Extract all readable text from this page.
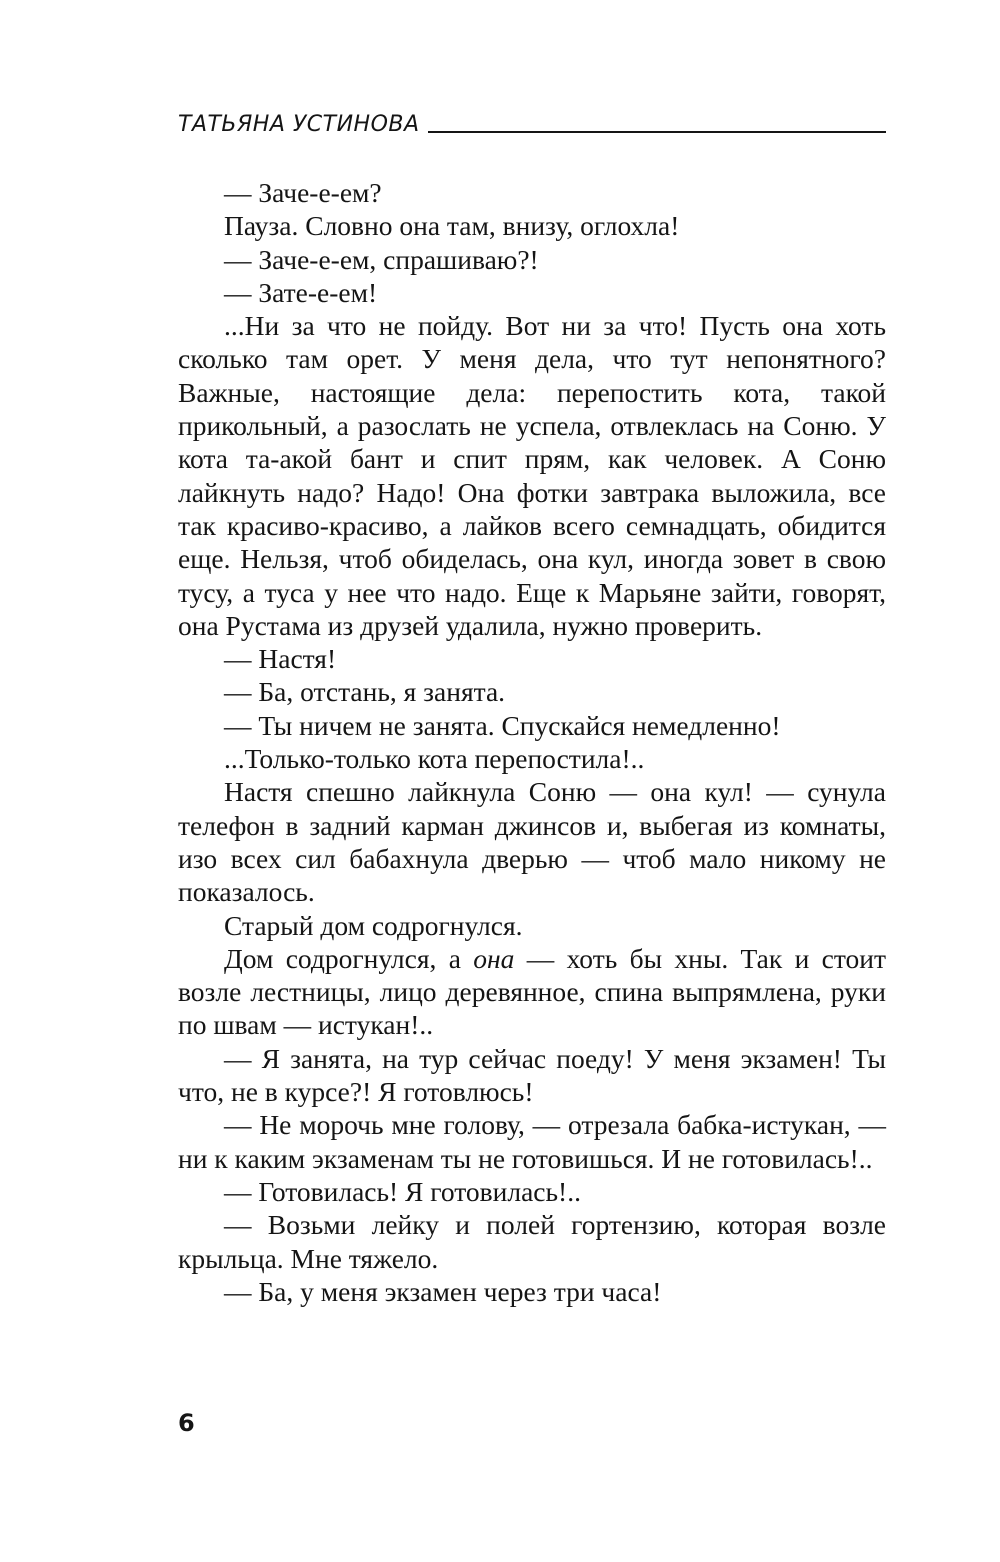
ТАТЬЯНА УСТИНОВА

— Заче-е-ем?

Пауза. Словно она там, внизу, оглохла!

— Заче-е-ем, спрашиваю?!

— Зате-е-ем!

...Ни за что не пойду. Вот ни за что! Пусть она хоть сколько там орет. У меня дела, что тут непонятного? Важные, настоящие дела: перепостить кота, такой прикольный, а разослать не успела, отвлеклась на Соню. У кота та-акой бант и спит прям, как человек. А Соню лайкнуть надо? Надо! Она фотки завтрака выложила, все так красиво-красиво, а лайков всего семнадцать, обидится еще. Нельзя, чтоб обиделась, она кул, иногда зовет в свою тусу, а туса у нее что надо. Еще к Марьяне зайти, говорят, она Рустама из друзей удалила, нужно проверить.

— Настя!

— Ба, отстань, я занята.

— Ты ничем не занята. Спускайся немедленно!

...Только-только кота перепостила!..

Настя спешно лайкнула Соню — она кул! — сунула телефон в задний карман джинсов и, выбегая из комнаты, изо всех сил бабахнула дверью — чтоб мало никому не показалось.

Старый дом содрогнулся.

Дом содрогнулся, а она — хоть бы хны. Так и стоит возле лестницы, лицо деревянное, спина выпрямлена, руки по швам — истукан!..

— Я занята, на тур сейчас поеду! У меня экзамен! Ты что, не в курсе?! Я готовлюсь!

— Не морочь мне голову, — отрезала бабка-истукан, — ни к каким экзаменам ты не готовишься. И не готовилась!..

— Готовилась! Я готовилась!..

— Возьми лейку и полей гортензию, которая возле крыльца. Мне тяжело.

— Ба, у меня экзамен через три часа!

6
